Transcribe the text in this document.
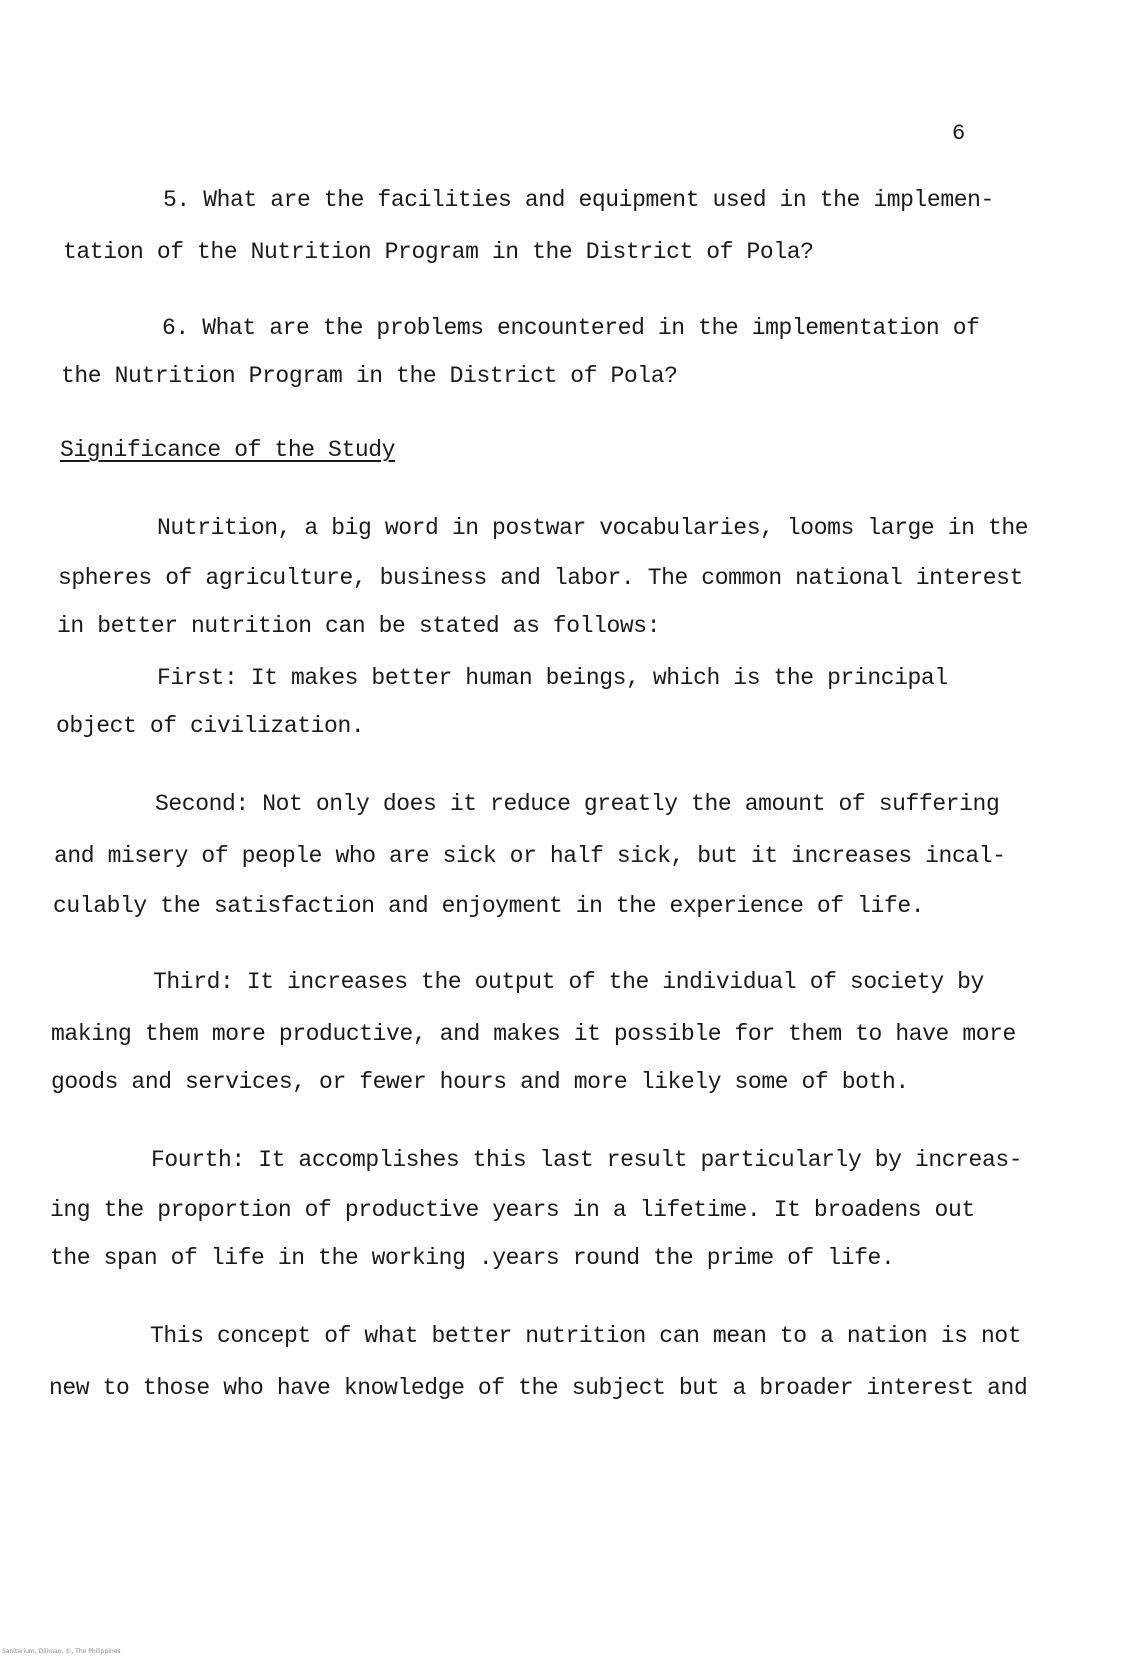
6

5. What are the facilities and equipment used in the implemen-

tation of the Nutrition Program in the District of Pola?

6. What are the problems encountered in the implementation of

the Nutrition Program in the District of Pola?

Significance of the Study

Nutrition, a big word in postwar vocabularies, looms large in the

spheres of agriculture, business and labor. The common national interest

in better nutrition can be stated as follows:

First: It makes better human beings, which is the principal

object of civilization.

Second: Not only does it reduce greatly the amount of suffering

and misery of people who are sick or half sick, but it increases incal-

culably the satisfaction and enjoyment in the experience of life.

Third: It increases the output of the individual of society by

making them more productive, and makes it possible for them to have more

goods and services, or fewer hours and more likely some of both.

Fourth: It accomplishes this last result particularly by increas-

ing the proportion of productive years in a lifetime. It broadens out

the span of life in the working .years round the prime of life.

This concept of what better nutrition can mean to a nation is not

new to those who have knowledge of the subject but a broader interest and

Sanitarium, Diliman, ©, The Philippines
